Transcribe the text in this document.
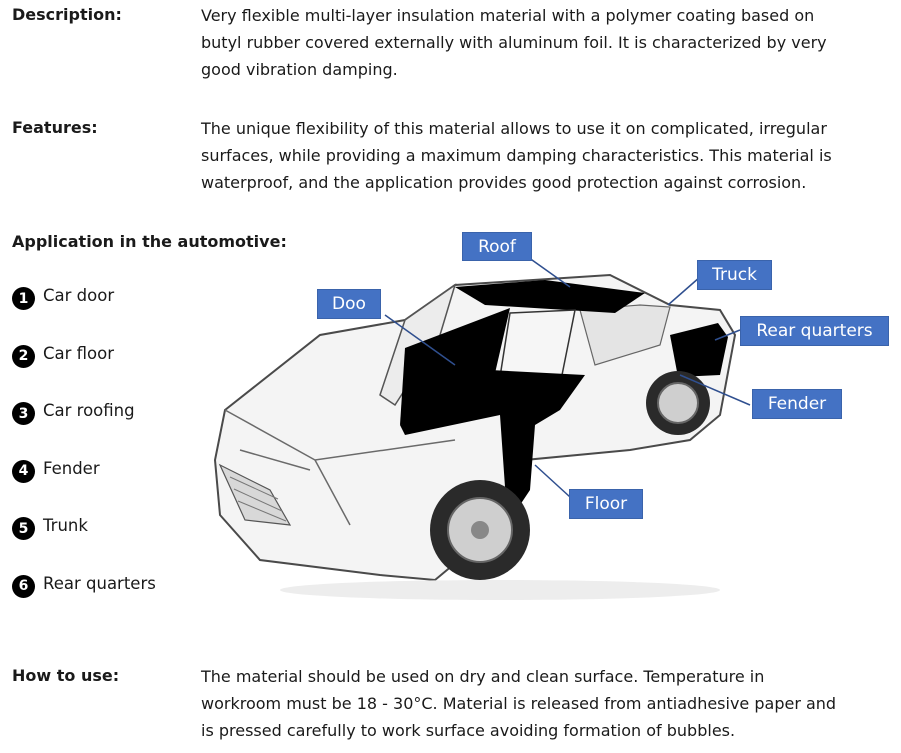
Description:	Very flexible multi-layer insulation material with a polymer coating based on
butyl rubber covered externally with aluminum foil. It is characterized by very
good vibration damping.
Features:	The unique flexibility of this material allows to use it on complicated, irregular
surfaces, while providing a maximum damping characteristics. This material is
waterproof, and the application provides good protection against corrosion.
Application in the automotive:
1 Car door
2 Car floor
3 Car roofing
4 Fender
5 Trunk
6 Rear quarters
Roof
Truck
Doo
Rear quarters
Fender
Floor
How to use:	The material should be used on dry and clean surface. Temperature in
workroom must be 18 - 30°C. Material is released from antiadhesive paper and
is pressed carefully to work surface avoiding formation of bubbles.
